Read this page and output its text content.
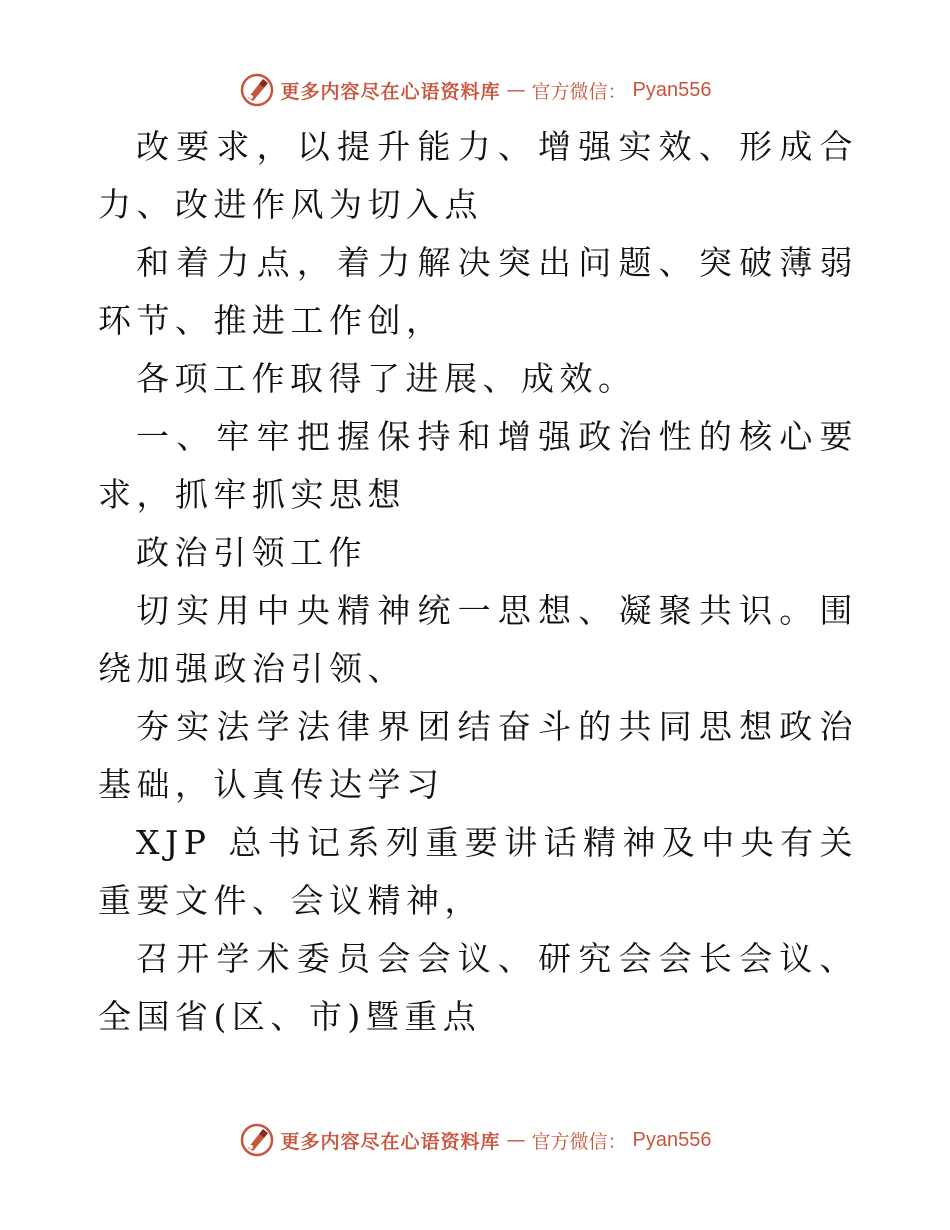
更多内容尽在心语资料库 — 官方微信： Pyan556

改要求，以提升能力、增强实效、形成合力、改进作风为切入点

和着力点，着力解决突出问题、突破薄弱环节、推进工作创，

各项工作取得了进展、成效。

一、牢牢把握保持和增强政治性的核心要求，抓牢抓实思想

政治引领工作

切实用中央精神统一思想、凝聚共识。围绕加强政治引领、

夯实法学法律界团结奋斗的共同思想政治基础，认真传达学习

XJP 总书记系列重要讲话精神及中央有关重要文件、会议精神，

召开学术委员会会议、研究会会长会议、全国省(区、市)暨重点

更多内容尽在心语资料库 — 官方微信： Pyan556
